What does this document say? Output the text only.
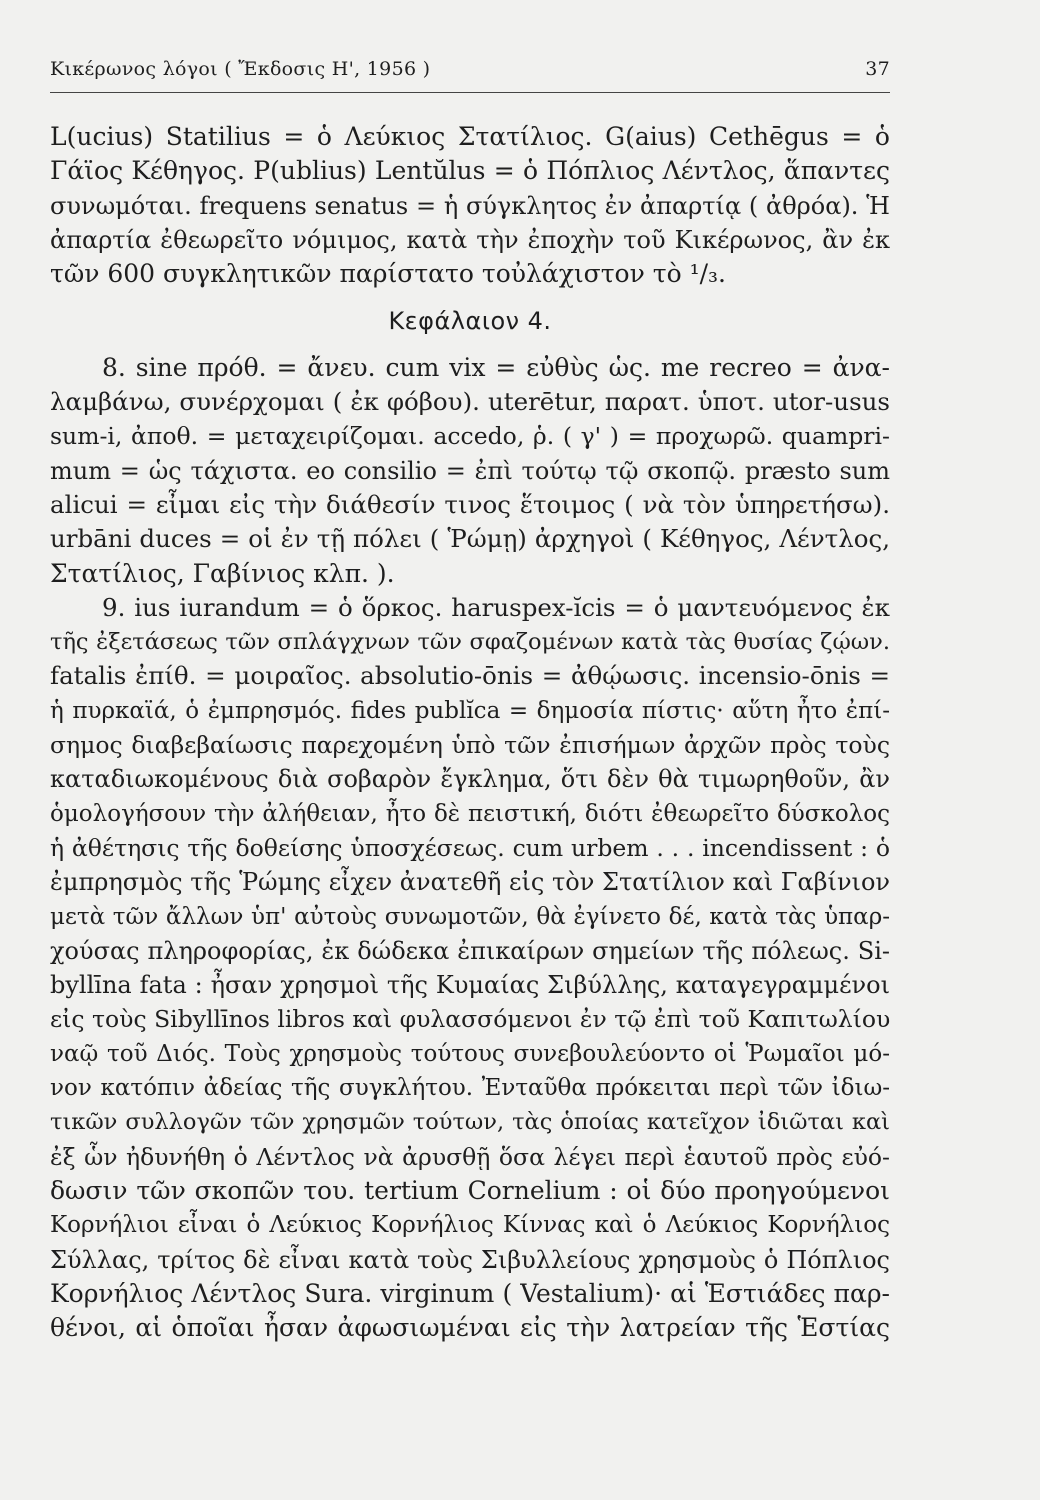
Κικέρωνος λόγοι ( Ἔκδοσις Η', 1956 )	37
L(ucius) Statilius = ὁ Λεύκιος Στατίλιος. G(aius) Cethēgus = ὁ
Γάϊος Κέθηγος. P(ublius) Lentŭlus = ὁ Πόπλιος Λέντλος, ἅπαντες
συνωμόται. frequens senatus = ἡ σύγκλητος ἐν ἀπαρτίᾳ ( ἀθρόα). Ἡ
ἀπαρτία ἐθεωρεῖτο νόμιμος, κατὰ τὴν ἐποχὴν τοῦ Κικέρωνος, ἂν ἐκ
τῶν 600 συγκλητικῶν παρίστατο τοὐλάχιστον τὸ ¹/₃.
Κεφάλαιον 4.
8. sine πρόθ. = ἄνευ. cum vix = εὐθὺς ὡς. me recreo = ἀνα-
λαμβάνω, συνέρχομαι ( ἐκ φόβου). uterētur, παρατ. ὑποτ. utor-usus
sum-i, ἀποθ. = μεταχειρίζομαι. accedo, ῥ. ( γ' ) = προχωρῶ. quampri-
mum = ὡς τάχιστα. eo consilio = ἐπὶ τούτῳ τῷ σκοπῷ. præsto sum
alicui = εἶμαι εἰς τὴν διάθεσίν τινος ἕτοιμος ( νὰ τὸν ὑπηρετήσω).
urbāni duces = οἱ ἐν τῇ πόλει ( Ῥώμῃ) ἀρχηγοὶ ( Κέθηγος, Λέντλος,
Στατίλιος, Γαβίνιος κλπ. ).
9. ius iurandum = ὁ ὅρκος. haruspex-ĭcis = ὁ μαντευόμενος ἐκ
τῆς ἐξετάσεως τῶν σπλάγχνων τῶν σφαζομένων κατὰ τὰς θυσίας ζῴων.
fatalis ἐπίθ. = μοιραῖος. absolutio-ōnis = ἀθῴωσις. incensio-ōnis =
ἡ πυρκαϊά, ὁ ἐμπρησμός. fides publĭca = δημοσία πίστις· αὕτη ἦτο ἐπί-
σημος διαβεβαίωσις παρεχομένη ὑπὸ τῶν ἐπισήμων ἀρχῶν πρὸς τοὺς
καταδιωκομένους διὰ σοβαρὸν ἔγκλημα, ὅτι δὲν θὰ τιμωρηθοῦν, ἂν
ὁμολογήσουν τὴν ἀλήθειαν, ἦτο δὲ πειστική, διότι ἐθεωρεῖτο δύσκολος
ἡ ἀθέτησις τῆς δοθείσης ὑποσχέσεως. cum urbem . . . incendissent : ὁ
ἐμπρησμὸς τῆς Ῥώμης εἶχεν ἀνατεθῆ εἰς τὸν Στατίλιον καὶ Γαβίνιον
μετὰ τῶν ἄλλων ὑπ' αὐτοὺς συνωμοτῶν, θὰ ἐγίνετο δέ, κατὰ τὰς ὑπαρ-
χούσας πληροφορίας, ἐκ δώδεκα ἐπικαίρων σημείων τῆς πόλεως. Si-
byllīna fata : ἦσαν χρησμοὶ τῆς Κυμαίας Σιβύλλης, καταγεγραμμένοι
εἰς τοὺς Sibyllīnos libros καὶ φυλασσόμενοι ἐν τῷ ἐπὶ τοῦ Καπιτωλίου
ναῷ τοῦ Διός. Τοὺς χρησμοὺς τούτους συνεβουλεύοντο οἱ Ῥωμαῖοι μό-
νον κατόπιν ἀδείας τῆς συγκλήτου. Ἐνταῦθα πρόκειται περὶ τῶν ἰδιω-
τικῶν συλλογῶν τῶν χρησμῶν τούτων, τὰς ὁποίας κατεῖχον ἰδιῶται καὶ
ἐξ ὧν ἠδυνήθη ὁ Λέντλος νὰ ἀρυσθῇ ὅσα λέγει περὶ ἑαυτοῦ πρὸς εὐό-
δωσιν τῶν σκοπῶν του. tertium Cornelium : οἱ δύο προηγούμενοι
Κορνήλιοι εἶναι ὁ Λεύκιος Κορνήλιος Κίννας καὶ ὁ Λεύκιος Κορνήλιος
Σύλλας, τρίτος δὲ εἶναι κατὰ τοὺς Σιβυλλείους χρησμοὺς ὁ Πόπλιος
Κορνήλιος Λέντλος Sura. virginum ( Vestalium)· αἱ Ἑστιάδες παρ-
θένοι, αἱ ὁποῖαι ἦσαν ἀφωσιωμέναι εἰς τὴν λατρείαν τῆς Ἑστίας
